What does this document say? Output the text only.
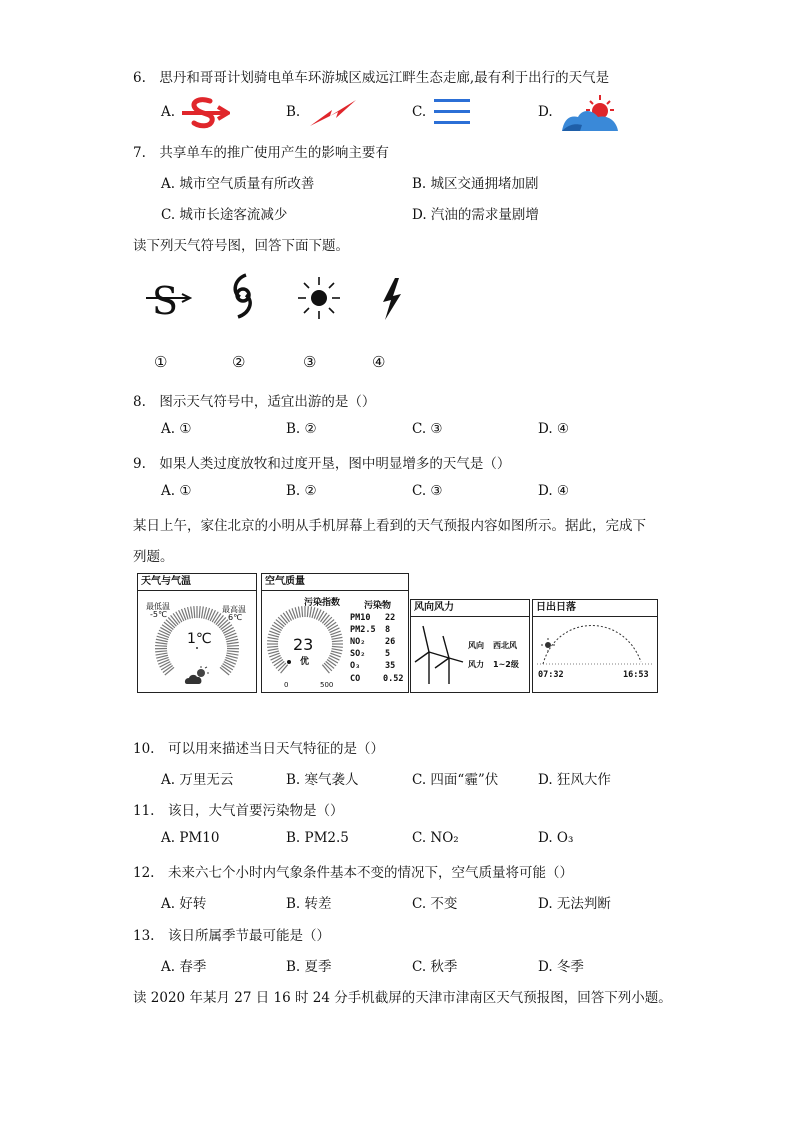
6.　思丹和哥哥计划骑电单车环游城区威远江畔生态走廊,最有利于出行的天气是
A.	B.	C.	D.
7.　共享单车的推广使用产生的影响主要有
A. 城市空气质量有所改善	B. 城区交通拥堵加剧
C. 城市长途客流减少	D. 汽油的需求量剧增
读下列天气符号图，回答下面下题。
S
①	②	③	④
8.　图示天气符号中，适宜出游的是（）
A. ①	B. ②	C. ③	D. ④
9.　如果人类过度放牧和过度开垦，图中明显增多的天气是（）
A. ①	B. ②	C. ③	D. ④
某日上午，家住北京的小明从手机屏幕上看到的天气预报内容如图所示。据此，完成下
列题。
天气与气温
最低温
-5℃
最高温
6℃
1℃
空气质量
污染指数
23
优
0	500
污染物
PM10 22
PM2.5 8
NO₂ 26
SO₂ 5
O₃	35
CO	0.52
风向风力
风向 西北风
风力 1~2级
日出日落
07:32	16:53
10.　可以用来描述当日天气特征的是（）
A. 万里无云	B. 寒气袭人	C. 四面“霾”伏	D. 狂风大作
11.　该日，大气首要污染物是（）
A. PM10	B. PM2.5	C. NO₂	D. O₃
12.　未来六七个小时内气象条件基本不变的情况下，空气质量将可能（）
A. 好转	B. 转差	C. 不变	D. 无法判断
13.　该日所属季节最可能是（）
A. 春季	B. 夏季	C. 秋季	D. 冬季
读 2020 年某月 27 日 16 时 24 分手机截屏的天津市津南区天气预报图，回答下列小题。
